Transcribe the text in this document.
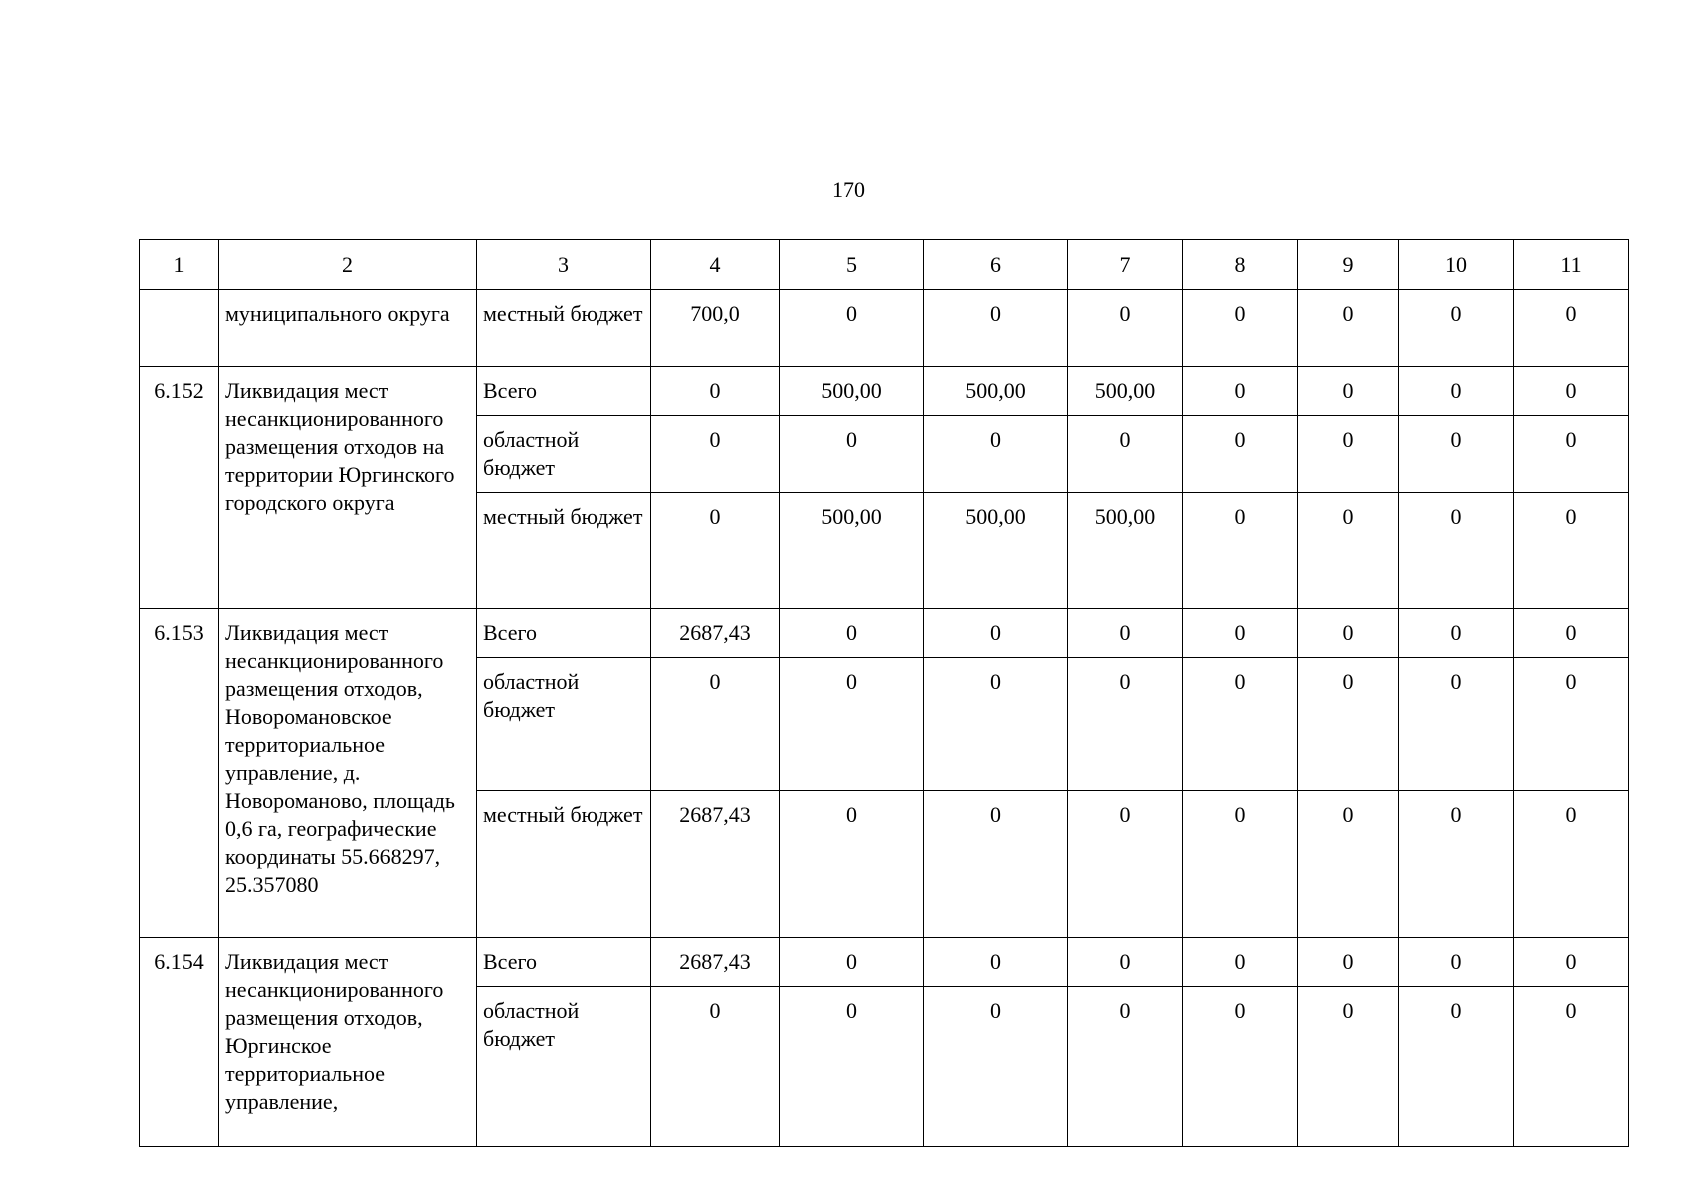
170
1	2	3	4	5	6	7	8	9	10	11
	муниципального округа	местный бюджет	700,0	0	0	0	0	0	0	0
6.152	Ликвидация мест несанкционированного размещения отходов на территории Юргинского городского округа	Всего	0	500,00	500,00	500,00	0	0	0	0
		областной бюджет	0	0	0	0	0	0	0	0
		местный бюджет	0	500,00	500,00	500,00	0	0	0	0
6.153	Ликвидация мест несанкционированного размещения отходов, Новоромановское территориальное управление, д. Новороманово, площадь 0,6 га, географические координаты 55.668297, 25.357080	Всего	2687,43	0	0	0	0	0	0	0
		областной бюджет	0	0	0	0	0	0	0	0
		местный бюджет	2687,43	0	0	0	0	0	0	0
6.154	Ликвидация мест несанкционированного размещения отходов, Юргинское территориальное управление,	Всего	2687,43	0	0	0	0	0	0	0
		областной бюджет	0	0	0	0	0	0	0	0
